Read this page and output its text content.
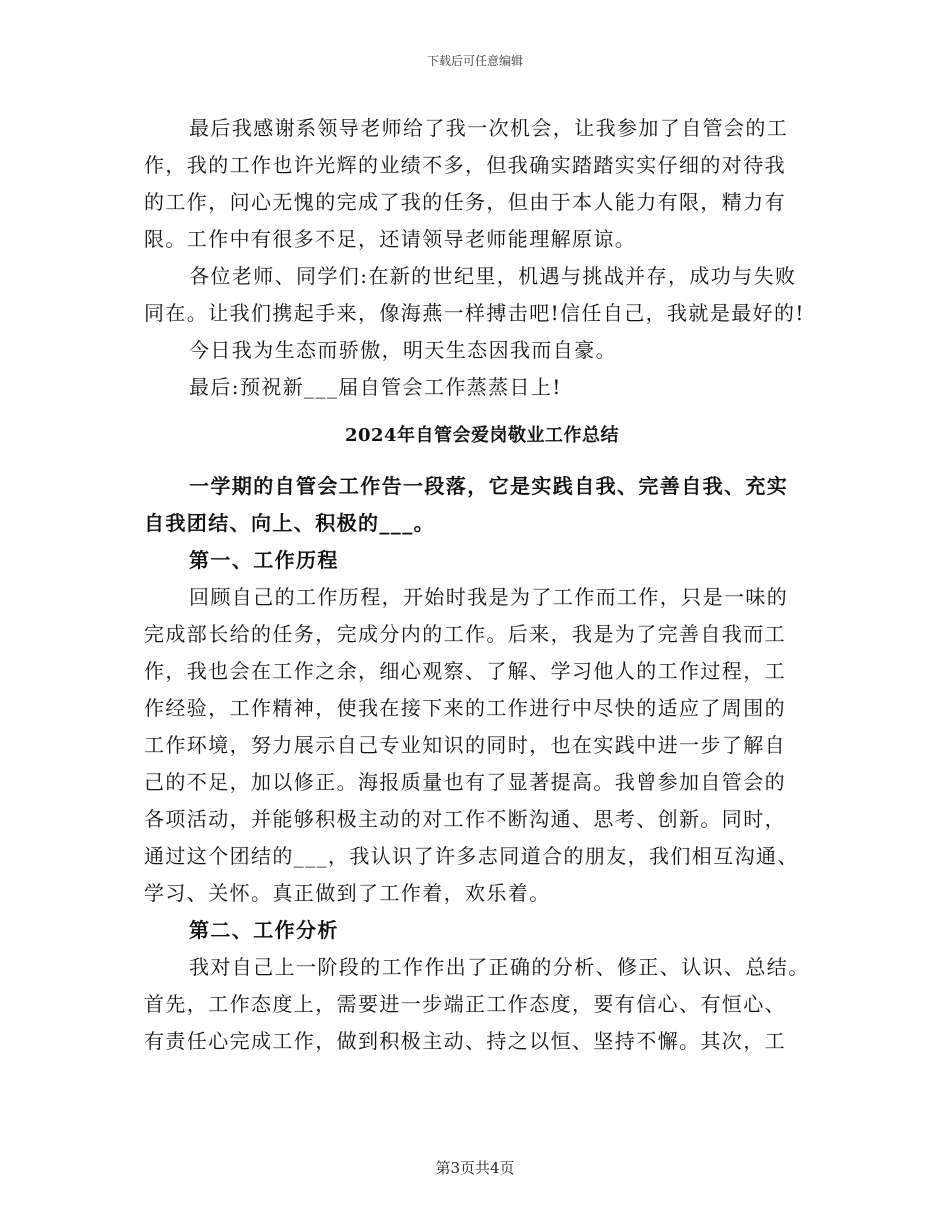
下载后可任意编辑
最后我感谢系领导老师给了我一次机会，让我参加了自管会的工
作，我的工作也许光辉的业绩不多，但我确实踏踏实实仔细的对待我
的工作，问心无愧的完成了我的任务，但由于本人能力有限，精力有
限。工作中有很多不足，还请领导老师能理解原谅。
各位老师、同学们:在新的世纪里，机遇与挑战并存，成功与失败
同在。让我们携起手来，像海燕一样搏击吧!信任自己，我就是最好的!
今日我为生态而骄傲，明天生态因我而自豪。
最后:预祝新___届自管会工作蒸蒸日上!
2024年自管会爱岗敬业工作总结
一学期的自管会工作告一段落，它是实践自我、完善自我、充实
自我团结、向上、积极的___。
第一、工作历程
回顾自己的工作历程，开始时我是为了工作而工作，只是一味的
完成部长给的任务，完成分内的工作。后来，我是为了完善自我而工
作，我也会在工作之余，细心观察、了解、学习他人的工作过程，工
作经验，工作精神，使我在接下来的工作进行中尽快的适应了周围的
工作环境，努力展示自己专业知识的同时，也在实践中进一步了解自
己的不足，加以修正。海报质量也有了显著提高。我曾参加自管会的
各项活动，并能够积极主动的对工作不断沟通、思考、创新。同时，
通过这个团结的___，我认识了许多志同道合的朋友，我们相互沟通、
学习、关怀。真正做到了工作着，欢乐着。
第二、工作分析
我对自己上一阶段的工作作出了正确的分析、修正、认识、总结。
首先，工作态度上，需要进一步端正工作态度，要有信心、有恒心、
有责任心完成工作，做到积极主动、持之以恒、坚持不懈。其次，工
第3页共4页
